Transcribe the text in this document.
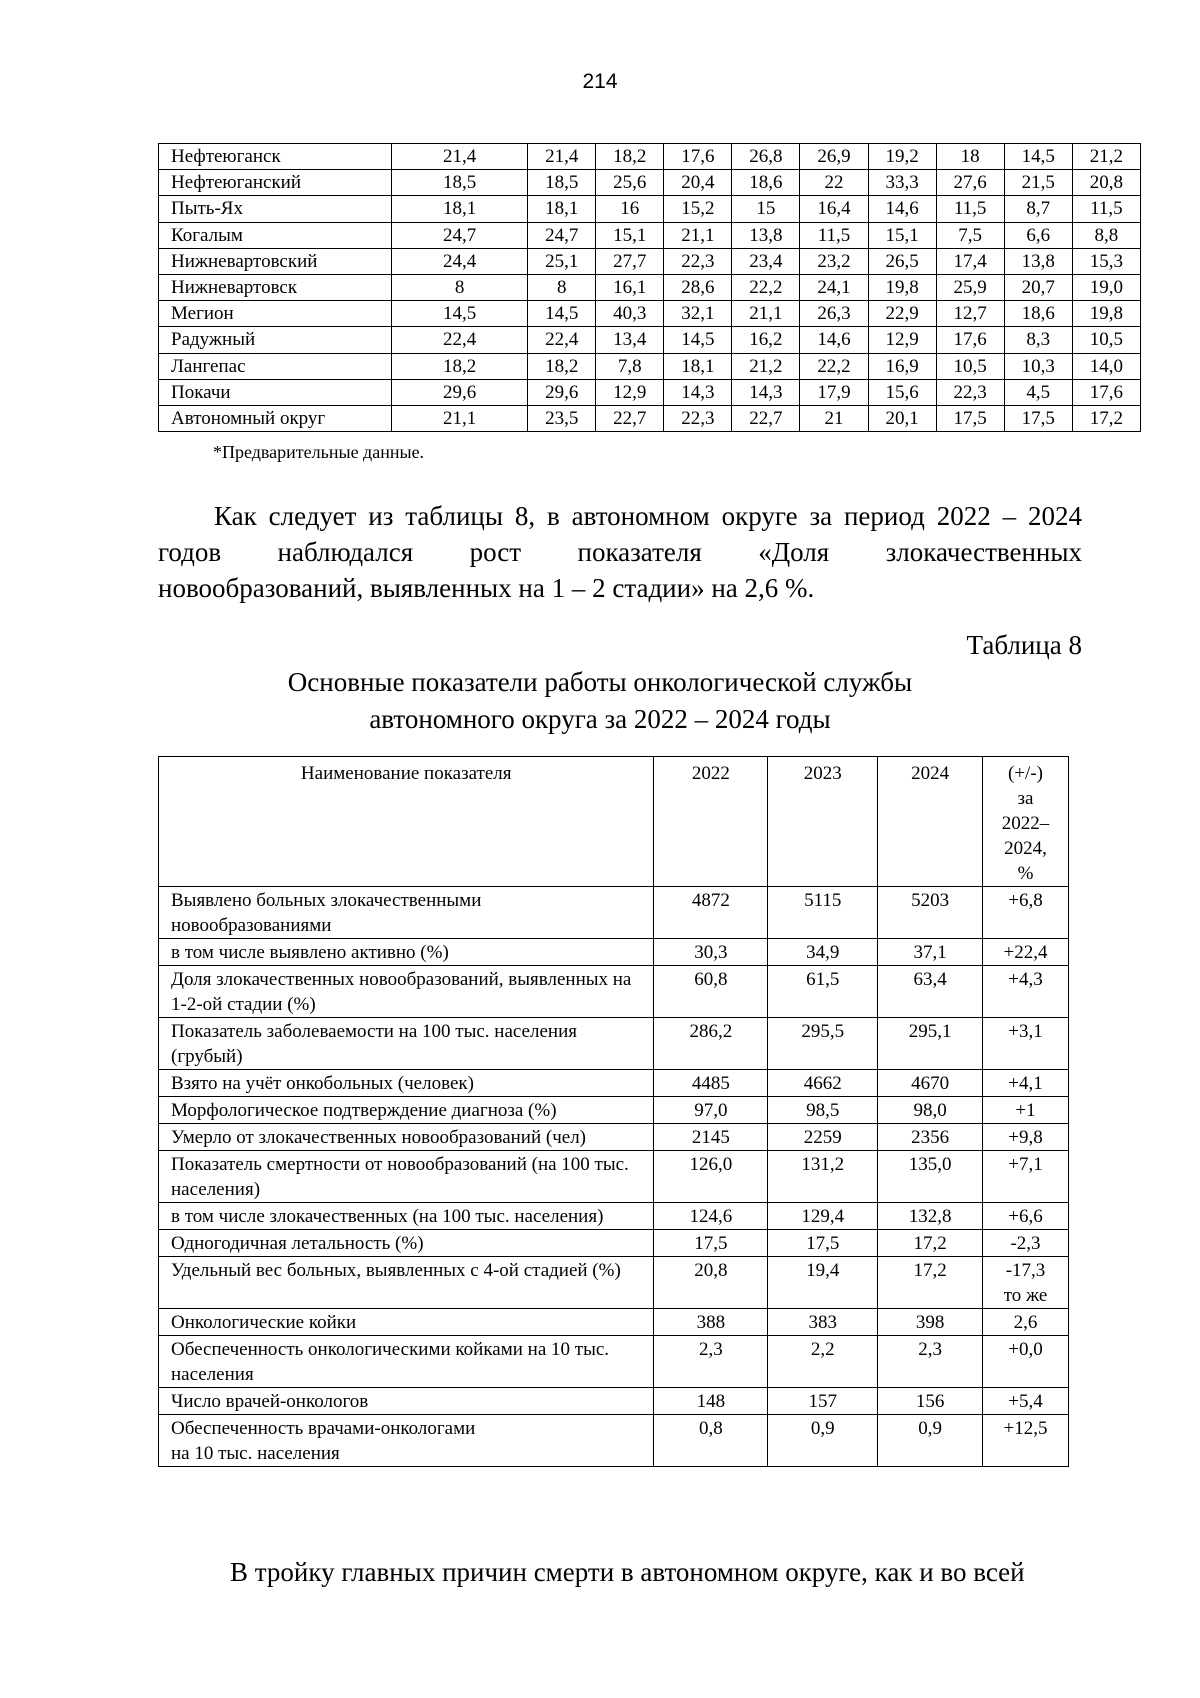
214
Нефтеюганск	21,4	21,4	18,2	17,6	26,8	26,9	19,2	18	14,5	21,2
Нефтеюганский	18,5	18,5	25,6	20,4	18,6	22	33,3	27,6	21,5	20,8
Пыть-Ях	18,1	18,1	16	15,2	15	16,4	14,6	11,5	8,7	11,5
Когалым	24,7	24,7	15,1	21,1	13,8	11,5	15,1	7,5	6,6	8,8
Нижневартовский	24,4	25,1	27,7	22,3	23,4	23,2	26,5	17,4	13,8	15,3
Нижневартовск	8	8	16,1	28,6	22,2	24,1	19,8	25,9	20,7	19,0
Мегион	14,5	14,5	40,3	32,1	21,1	26,3	22,9	12,7	18,6	19,8
Радужный	22,4	22,4	13,4	14,5	16,2	14,6	12,9	17,6	8,3	10,5
Лангепас	18,2	18,2	7,8	18,1	21,2	22,2	16,9	10,5	10,3	14,0
Покачи	29,6	29,6	12,9	14,3	14,3	17,9	15,6	22,3	4,5	17,6
Автономный округ	21,1	23,5	22,7	22,3	22,7	21	20,1	17,5	17,5	17,2
*Предварительные данные.
Как следует из таблицы 8, в автономном округе за период 2022 – 2024
годов наблюдался рост показателя «Доля злокачественных
новообразований, выявленных на 1 – 2 стадии» на 2,6 %.
Таблица 8
Основные показатели работы онкологической службы
автономного округа за 2022 – 2024 годы
Наименование показателя	2022	2023	2024	(+/-)
за
2022–
2024,
%
Выявлено больных злокачественными новообразованиями	4872	5115	5203	+6,8
в том числе выявлено активно (%)	30,3	34,9	37,1	+22,4
Доля злокачественных новообразований, выявленных на 1-2-ой стадии (%)	60,8	61,5	63,4	+4,3
Показатель заболеваемости на 100 тыс. населения (грубый)	286,2	295,5	295,1	+3,1
Взято на учёт онкобольных (человек)	4485	4662	4670	+4,1
Морфологическое подтверждение диагноза (%)	97,0	98,5	98,0	+1
Умерло от злокачественных новообразований (чел)	2145	2259	2356	+9,8
Показатель смертности от новообразований (на 100 тыс. населения)	126,0	131,2	135,0	+7,1
в том числе злокачественных (на 100 тыс. населения)	124,6	129,4	132,8	+6,6
Одногодичная летальность (%)	17,5	17,5	17,2	-2,3
Удельный вес больных, выявленных с 4-ой стадией (%)	20,8	19,4	17,2	-17,3
то же
Онкологические койки	388	383	398	2,6
Обеспеченность онкологическими койками на 10 тыс. населения	2,3	2,2	2,3	+0,0
Число врачей-онкологов	148	157	156	+5,4
Обеспеченность врачами-онкологами
на 10 тыс. населения	0,8	0,9	0,9	+12,5
В тройку главных причин смерти в автономном округе, как и во всей
